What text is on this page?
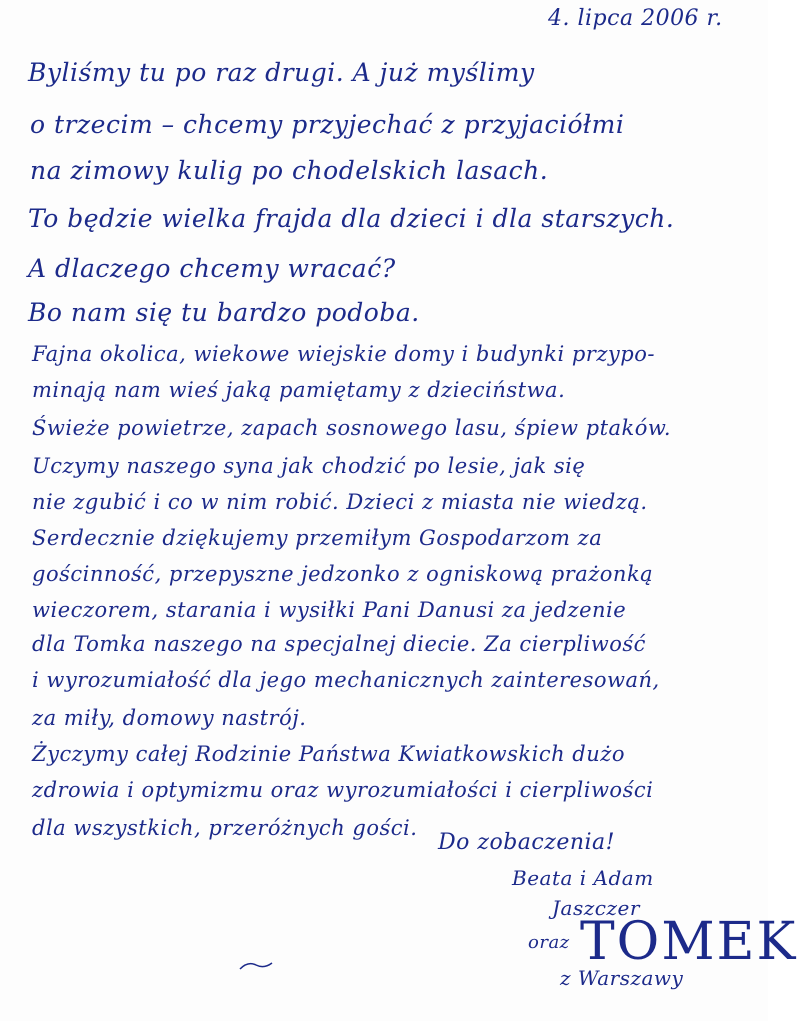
4. lipca 2006 r.
Byliśmy tu po raz drugi. A już myślimy
o trzecim – chcemy przyjechać z przyjaciółmi
na zimowy kulig po chodelskich lasach.
To będzie wielka frajda dla dzieci i dla starszych.
A dlaczego chcemy wracać?
Bo nam się tu bardzo podoba.
Fajna okolica, wiekowe wiejskie domy i budynki przypo-
minają nam wieś jaką pamiętamy z dzieciństwa.
Świeże powietrze, zapach sosnowego lasu, śpiew ptaków.
Uczymy naszego syna jak chodzić po lesie, jak się
nie zgubić i co w nim robić. Dzieci z miasta nie wiedzą.
Serdecznie dziękujemy przemiłym Gospodarzom za
gościnność, przepyszne jedzonko z ogniskową prażonką
wieczorem, starania i wysiłki Pani Danusi za jedzenie
dla Tomka naszego na specjalnej diecie. Za cierpliwość
i wyrozumiałość dla jego mechanicznych zainteresowań,
za miły, domowy nastrój.
Życzymy całej Rodzinie Państwa Kwiatkowskich dużo
zdrowia i optymizmu oraz wyrozumiałości i cierpliwości
dla wszystkich, przeróżnych gości.
Do zobaczenia!
Beata i Adam
Jaszczer
oraz TOMEK
z Warszawy
